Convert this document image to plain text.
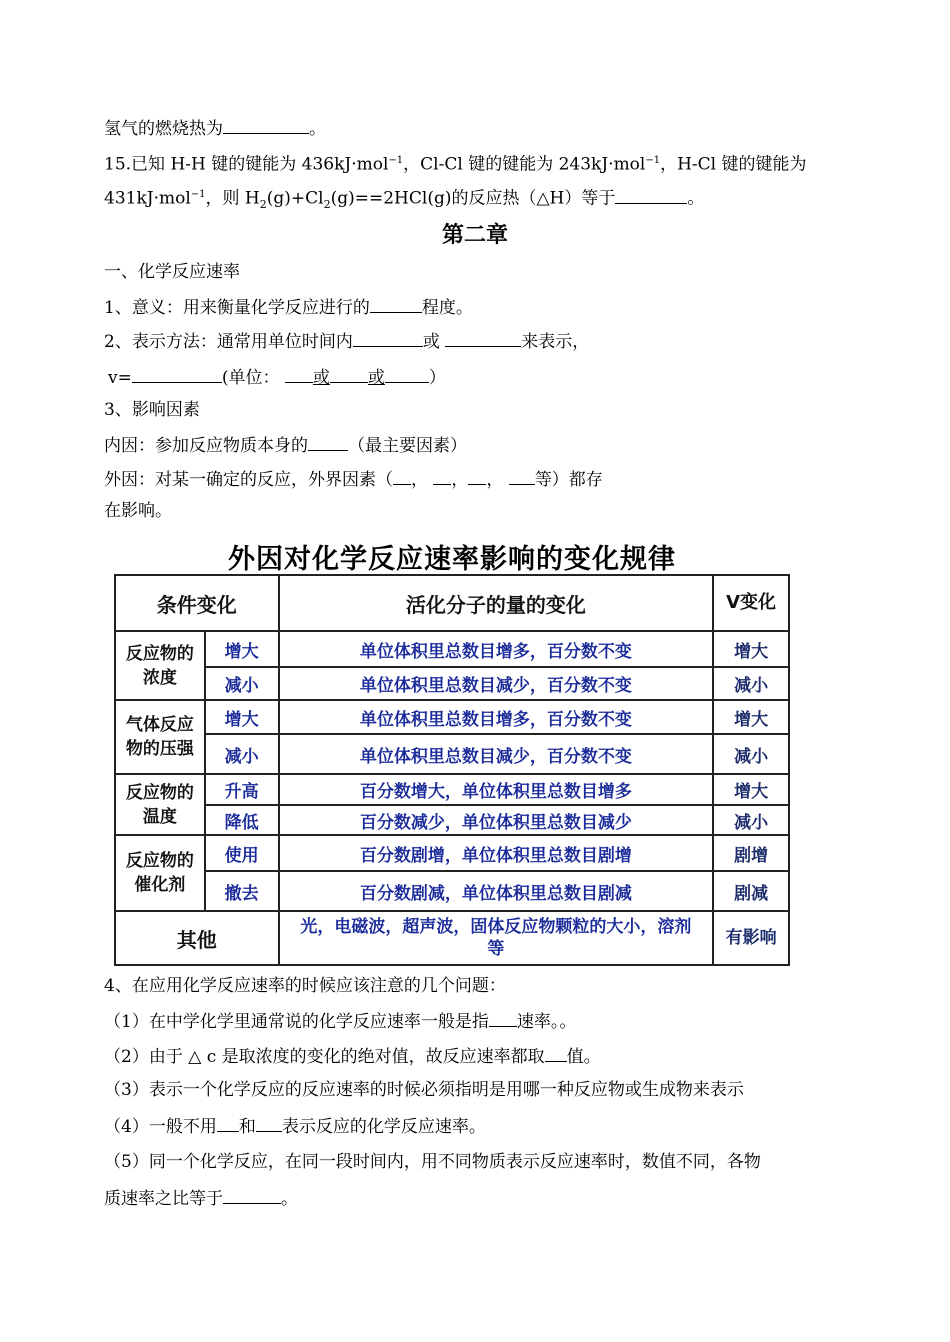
氢气的燃烧热为	。
15.已知 H-H 键的键能为 436kJ·mol$^{-1}$，Cl-Cl 键的键能为 243kJ·mol$^{-1}$，H-Cl 键的键能为
431kJ·mol$^{-1}$，则 $H_2(g)+Cl_2(g)==2HCl(g)$的反应热（△H）等于	。
第二章
一、化学反应速率
1、意义：用来衡量化学反应进行的	程度。
2、表示方法：通常用单位时间内	或	来表示，
v=	(单位： 或 或	）
3、影响因素
内因：参加反应物质本身的 （最主要因素）
外因：对某一确定的反应，外界因素（ ， ， ， 等）都存
在影响。
外因对化学反应速率影响的变化规律
条件变化		活化分子的量的变化	V变化
反应物的浓度	增大	单位体积里总数目增多，百分数不变	增大
	减小	单位体积里总数目减少，百分数不变	减小
气体反应物的压强	增大	单位体积里总数目增多，百分数不变	增大
	减小	单位体积里总数目减少，百分数不变	减小
反应物的温度	升高	百分数增大，单位体积里总数目增多	增大
	降低	百分数减少，单位体积里总数目减少	减小
反应物的催化剂	使用	百分数剧增，单位体积里总数目剧增	剧增
	撤去	百分数剧减，单位体积里总数目剧减	剧减
其他		光，电磁波，超声波，固体反应物颗粒的大小，溶剂等	有影响
4、在应用化学反应速率的时候应该注意的几个问题：
（1）在中学化学里通常说的化学反应速率一般是指 速率。。
（2）由于 △ c 是取浓度的变化的绝对值，故反应速率都取 值。
（3）表示一个化学反应的反应速率的时候必须指明是用哪一种反应物或生成物来表示
（4）一般不用 和 表示反应的化学反应速率。
（5）同一个化学反应，在同一段时间内，用不同物质表示反应速率时，数值不同，各物
质速率之比等于	。
